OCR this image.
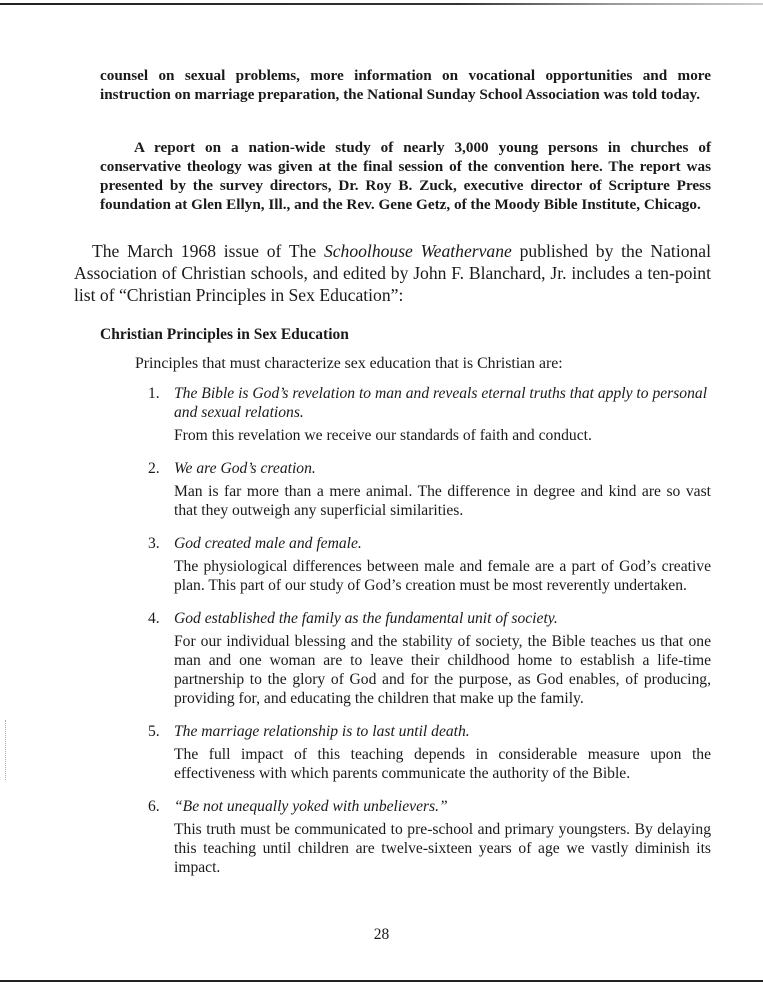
counsel on sexual problems, more information on vocational opportunities and more instruction on marriage preparation, the National Sunday School Association was told today.

A report on a nation-wide study of nearly 3,000 young persons in churches of conservative theology was given at the final session of the convention here. The report was presented by the survey directors, Dr. Roy B. Zuck, executive director of Scripture Press foundation at Glen Ellyn, Ill., and the Rev. Gene Getz, of the Moody Bible Institute, Chicago.

The March 1968 issue of The Schoolhouse Weathervane published by the National Association of Christian schools, and edited by John F. Blanchard, Jr. includes a ten-point list of “Christian Principles in Sex Education”:

Christian Principles in Sex Education

Principles that must characterize sex education that is Christian are:

1. The Bible is God’s revelation to man and reveals eternal truths that apply to personal and sexual relations.

From this revelation we receive our standards of faith and conduct.

2. We are God’s creation.

Man is far more than a mere animal. The difference in degree and kind are so vast that they outweigh any superficial similarities.

3. God created male and female.

The physiological differences between male and female are a part of God’s creative plan. This part of our study of God’s creation must be most reverently undertaken.

4. God established the family as the fundamental unit of society.

For our individual blessing and the stability of society, the Bible teaches us that one man and one woman are to leave their childhood home to establish a life-time partnership to the glory of God and for the purpose, as God enables, of producing, providing for, and educating the children that make up the family.

5. The marriage relationship is to last until death.

The full impact of this teaching depends in considerable measure upon the effectiveness with which parents communicate the authority of the Bible.

6. “Be not unequally yoked with unbelievers.”

This truth must be communicated to pre-school and primary youngsters. By delaying this teaching until children are twelve-sixteen years of age we vastly diminish its impact.

28
